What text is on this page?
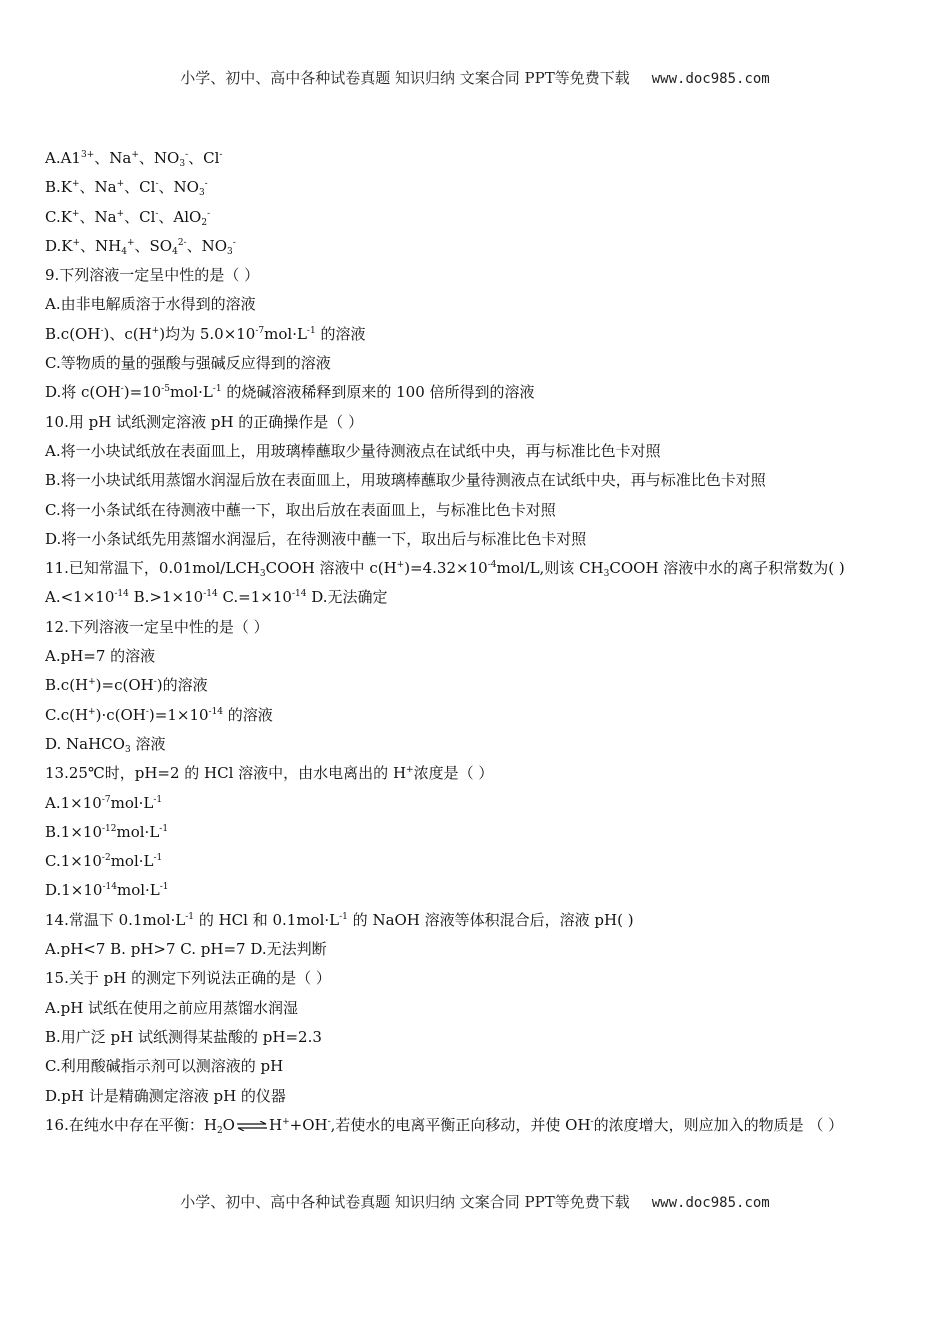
小学、初中、高中各种试卷真题 知识归纳 文案合同 PPT等免费下载 www.doc985.com
$A.A1^{3+}$、Na+、$NO_3^-$、Cl-
B.K+、Na+、Cl-、$NO_3^-$
C.K+、Na+、Cl-、AlO$_2$-
D.K+、$NH_4^+$、$SO_4^{2-}$、$NO_3^-$
9.下列溶液一定呈中性的是（ ）
A.由非电解质溶于水得到的溶液
B.c(OH-)、c(H+)均为 $5.0\times 10^{-7}mol\cdot L^{-1}$ 的溶液
C.等物质的量的强酸与强碱反应得到的溶液
D.将 $c(OH^-)=10^{-5}mol\cdot L^{-1}$ 的烧碱溶液稀释到原来的 100 倍所得到的溶液
10.用 pH 试纸测定溶液 pH 的正确操作是（ ）
A.将一小块试纸放在表面皿上，用玻璃棒蘸取少量待测液点在试纸中央，再与标准比色卡对照
B.将一小块试纸用蒸馏水润湿后放在表面皿上，用玻璃棒蘸取少量待测液点在试纸中央，再与标准比色卡对照
C.将一小条试纸在待测液中蘸一下，取出后放在表面皿上，与标准比色卡对照
D.将一小条试纸先用蒸馏水润湿后，在待测液中蘸一下，取出后与标准比色卡对照
11.已知常温下，$0.01mol/LCH_3COOH$ 溶液中 $c(H^+)=4.32\times 10^{-4}mol/L$,则该 $CH_3COOH$ 溶液中水的离子积常数为( )
$A.<1\times 10^{-14}$ $B.>1\times 10^{-14}$ $C.=1\times 10^{-14}$ D.无法确定
12.下列溶液一定呈中性的是（ ）
A.pH=7 的溶液
B.c(H+)=c(OH-)的溶液
$C.c(H^+)\cdot c(OH^-)=1\times 10^{-14}$ 的溶液
D. NaHCO$_3$ 溶液
13.25℃时，pH=2 的 HCl 溶液中，由水电离出的 H+浓度是（ ）
$A.1\times 10^{-7}mol\cdot L^{-1}$
$B.1\times 10^{-12}mol\cdot L^{-1}$
$C.1\times 10^{-2}mol\cdot L^{-1}$
$D.1\times 10^{-14}mol\cdot L^{-1}$
14.常温下 $0.1mol\cdot L^{-1}$ 的 HCl 和 $0.1mol\cdot L^{-1}$ 的 NaOH 溶液等体积混合后，溶液 pH( )
A.pH<7 B. pH>7 C. pH=7 D.无法判断
15.关于 pH 的测定下列说法正确的是（ ）
A.pH 试纸在使用之前应用蒸馏水润湿
B.用广泛 pH 试纸测得某盐酸的 pH=2.3
C.利用酸碱指示剂可以测溶液的 pH
D.pH 计是精确测定溶液 pH 的仪器
16.在纯水中存在平衡：$H_2O\rightleftharpoons H^++OH^-$,若使水的电离平衡正向移动，并使 OH-的浓度增大，则应加入的物质是 （ ）
小学、初中、高中各种试卷真题 知识归纳 文案合同 PPT等免费下载 www.doc985.com
